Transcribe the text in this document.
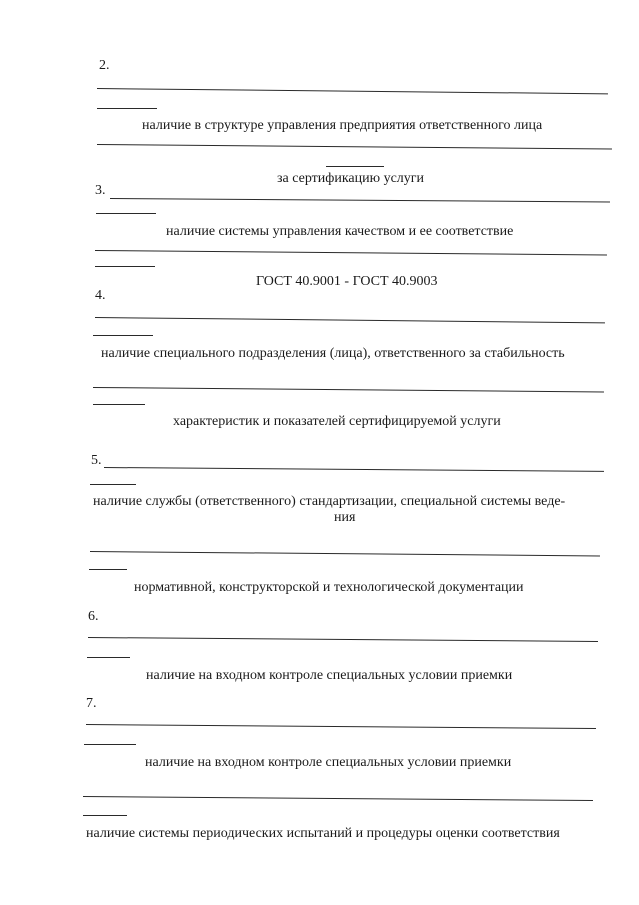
2.
наличие в структуре управления предприятия ответственного лица
за сертификацию услуги
3.
наличие системы управления качеством и ее соответствие
ГОСТ 40.9001 - ГОСТ 40.9003
4.
наличие специального подразделения (лица), ответственного за стабильность
характеристик и показателей сертифицируемой услуги
5.
наличие службы (ответственного) стандартизации, специальной системы веде-
ния
нормативной, конструкторской и технологической документации
6.
наличие на входном контроле специальных условии приемки
7.
наличие на входном контроле специальных условии приемки
наличие системы периодических испытаний и процедуры оценки соответствия
